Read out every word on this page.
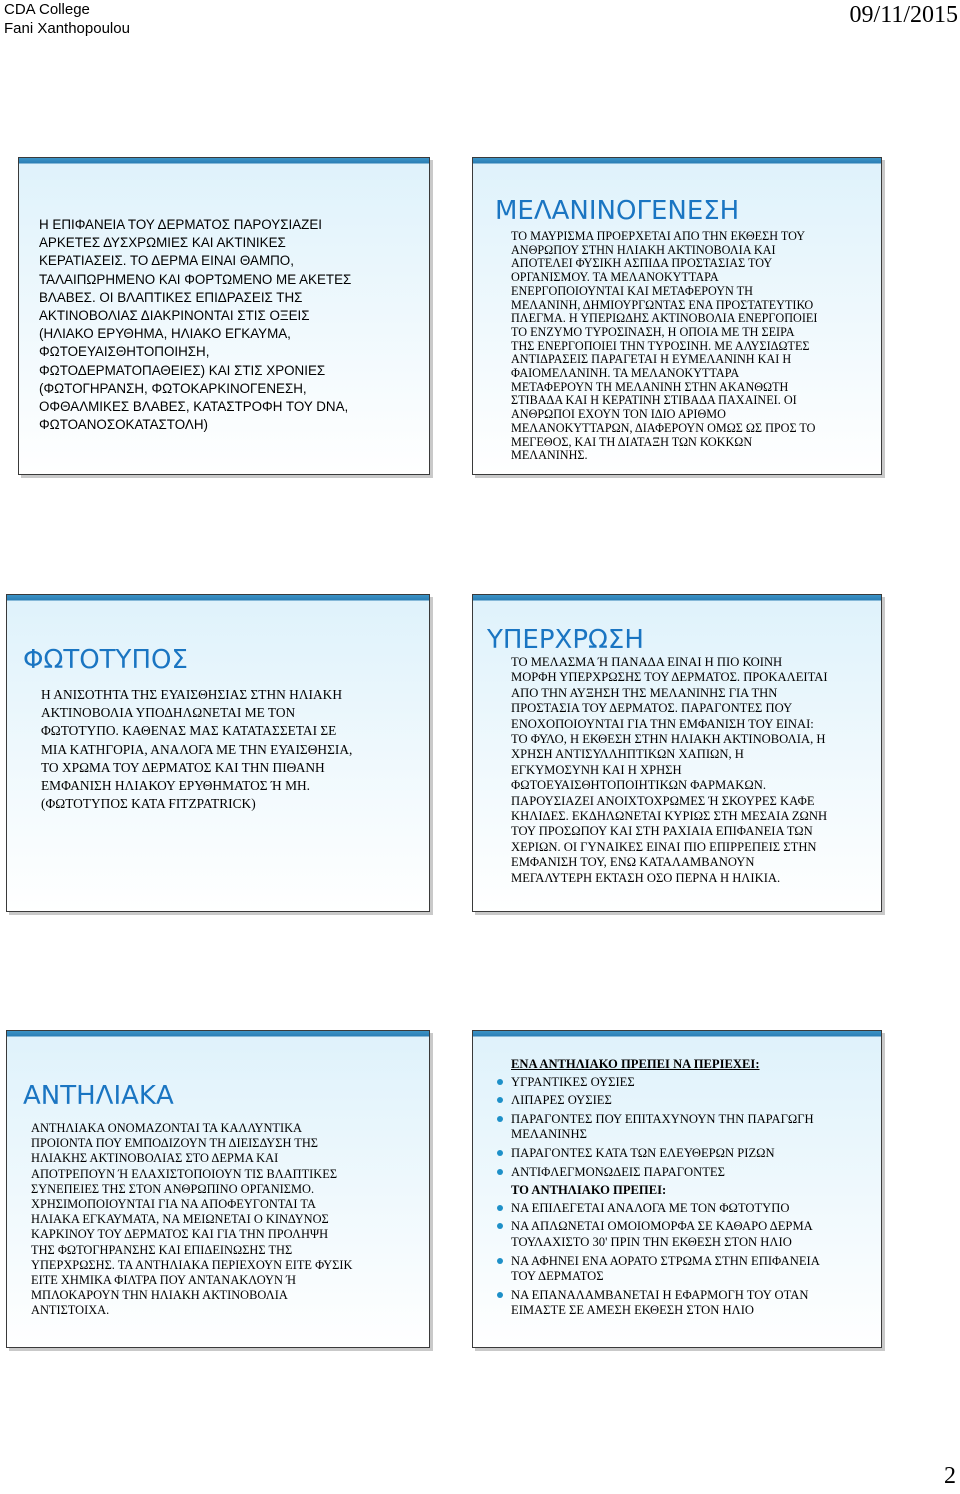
CDA College
Fani Xanthopoulou
09/11/2015
Η ΕΠΙΦΑΝΕΙΑ ΤΟΥ ΔΕΡΜΑΤΟΣ ΠΑΡΟΥΣΙΑΖΕΙ
ΑΡΚΕΤΕΣ ΔΥΣΧΡΩΜΙΕΣ ΚΑΙ ΑΚΤΙΝΙΚΕΣ
ΚΕΡΑΤΙΑΣΕΙΣ. ΤΟ ΔΕΡΜΑ ΕΙΝΑΙ ΘΑΜΠΟ,
ΤΑΛΑΙΠΩΡΗΜΕΝΟ ΚΑΙ ΦΟΡΤΩΜΕΝΟ ΜΕ ΑΚΕΤΕΣ
ΒΛΑΒΕΣ. ΟΙ ΒΛΑΠΤΙΚΕΣ ΕΠΙΔΡΑΣΕΙΣ ΤΗΣ
ΑΚΤΙΝΟΒΟΛΙΑΣ ΔΙΑΚΡΙΝΟΝΤΑΙ ΣΤΙΣ ΟΞΕΙΣ
(ΗΛΙΑΚΟ ΕΡΥΘΗΜΑ, ΗΛΙΑΚΟ ΕΓΚΑΥΜΑ,
ΦΩΤΟΕΥΑΙΣΘΗΤΟΠΟΙΗΣΗ,
ΦΩΤΟΔΕΡΜΑΤΟΠΑΘΕΙΕΣ) ΚΑΙ ΣΤΙΣ ΧΡΟΝΙΕΣ
(ΦΩΤΟΓΗΡΑΝΣΗ, ΦΩΤΟΚΑΡΚΙΝΟΓΕΝΕΣΗ,
ΟΦΘΑΛΜΙΚΕΣ ΒΛΑΒΕΣ, ΚΑΤΑΣΤΡΟΦΗ ΤΟΥ DNA,
ΦΩΤΟΑΝΟΣΟΚΑΤΑΣΤΟΛΗ)
ΜΕΛΑΝΙΝΟΓΕΝΕΣΗ
ΤΟ ΜΑΥΡΙΣΜΑ ΠΡΟΕΡΧΕΤΑΙ ΑΠΟ ΤΗΝ ΕΚΘΕΣΗ ΤΟΥ
ΑΝΘΡΩΠΟΥ ΣΤΗΝ ΗΛΙΑΚΗ ΑΚΤΙΝΟΒΟΛΙΑ ΚΑΙ
ΑΠΟΤΕΛΕΙ ΦΥΣΙΚΗ ΑΣΠΙΔΑ ΠΡΟΣΤΑΣΙΑΣ ΤΟΥ
ΟΡΓΑΝΙΣΜΟΥ. ΤΑ ΜΕΛΑΝΟΚΥΤΤΑΡΑ
ΕΝΕΡΓΟΠΟΙΟΥΝΤΑΙ ΚΑΙ ΜΕΤΑΦΕΡΟΥΝ ΤΗ
ΜΕΛΑΝΙΝΗ, ΔΗΜΙΟΥΡΓΩΝΤΑΣ ΕΝΑ ΠΡΟΣΤΑΤΕΥΤΙΚΟ
ΠΛΕΓΜΑ. Η ΥΠΕΡΙΩΔΗΣ ΑΚΤΙΝΟΒΟΛΙΑ ΕΝΕΡΓΟΠΟΙΕΙ
ΤΟ ΕΝΖΥΜΟ ΤΥΡΟΣΙΝΑΣΗ, Η ΟΠΟΙΑ ΜΕ ΤΗ ΣΕΙΡΑ
ΤΗΣ ΕΝΕΡΓΟΠΟΙΕΙ ΤΗΝ ΤΥΡΟΣΙΝΗ. ΜΕ ΑΛΥΣΙΔΩΤΕΣ
ΑΝΤΙΔΡΑΣΕΙΣ ΠΑΡΑΓΕΤΑΙ Η ΕΥΜΕΛΑΝΙΝΗ ΚΑΙ Η
ΦΑΙΟΜΕΛΑΝΙΝΗ. ΤΑ ΜΕΛΑΝΟΚΥΤΤΑΡΑ
ΜΕΤΑΦΕΡΟΥΝ ΤΗ ΜΕΛΑΝΙΝΗ ΣΤΗΝ ΑΚΑΝΘΩΤΗ
ΣΤΙΒΑΔΑ ΚΑΙ Η ΚΕΡΑΤΙΝΗ ΣΤΙΒΑΔΑ ΠΑΧΑΙΝΕΙ. ΟΙ
ΑΝΘΡΩΠΟΙ ΕΧΟΥΝ ΤΟΝ ΙΔΙΟ ΑΡΙΘΜΟ
ΜΕΛΑΝΟΚΥΤΤΑΡΩΝ, ΔΙΑΦΕΡΟΥΝ ΟΜΩΣ ΩΣ ΠΡΟΣ ΤΟ
ΜΕΓΕΘΟΣ, ΚΑΙ ΤΗ ΔΙΑΤΑΞΗ ΤΩΝ ΚΟΚΚΩΝ
ΜΕΛΑΝΙΝΗΣ.
ΦΩΤΟΤΥΠΟΣ
Η ΑΝΙΣΟΤΗΤΑ ΤΗΣ ΕΥΑΙΣΘΗΣΙΑΣ ΣΤΗΝ ΗΛΙΑΚΗ
ΑΚΤΙΝΟΒΟΛΙΑ ΥΠΟΔΗΛΩΝΕΤΑΙ ΜΕ ΤΟΝ
ΦΩΤΟΤΥΠΟ. ΚΑΘΕΝΑΣ ΜΑΣ ΚΑΤΑΤΑΣΣΕΤΑΙ ΣΕ
ΜΙΑ ΚΑΤΗΓΟΡΙΑ, ΑΝΑΛΟΓΑ ΜΕ ΤΗΝ ΕΥΑΙΣΘΗΣΙΑ,
ΤΟ ΧΡΩΜΑ ΤΟΥ ΔΕΡΜΑΤΟΣ ΚΑΙ ΤΗΝ ΠΙΘΑΝΗ
ΕΜΦΑΝΙΣΗ ΗΛΙΑΚΟΥ ΕΡΥΘΗΜΑΤΟΣ Ή ΜΗ.
(ΦΩΤΟΤΥΠΟΣ ΚΑΤΑ FITZPATRICK)
ΥΠΕΡΧΡΩΣΗ
ΤΟ ΜΕΛΑΣΜΑ Ή ΠΑΝΑΔΑ ΕΙΝΑΙ Η ΠΙΟ ΚΟΙΝΗ
ΜΟΡΦΗ ΥΠΕΡΧΡΩΣΗΣ ΤΟΥ ΔΕΡΜΑΤΟΣ. ΠΡΟΚΑΛΕΙΤΑΙ
ΑΠΟ ΤΗΝ ΑΥΞΗΣΗ ΤΗΣ ΜΕΛΑΝΙΝΗΣ ΓΙΑ ΤΗΝ
ΠΡΟΣΤΑΣΙΑ ΤΟΥ ΔΕΡΜΑΤΟΣ. ΠΑΡΑΓΟΝΤΕΣ ΠΟΥ
ΕΝΟΧΟΠΟΙΟΥΝΤΑΙ ΓΙΑ ΤΗΝ ΕΜΦΑΝΙΣΗ ΤΟΥ ΕΙΝΑΙ:
ΤΟ ΦΥΛΟ, Η ΕΚΘΕΣΗ ΣΤΗΝ ΗΛΙΑΚΗ ΑΚΤΙΝΟΒΟΛΙΑ, Η
ΧΡΗΣΗ ΑΝΤΙΣΥΛΛΗΠΤΙΚΩΝ ΧΑΠΙΩΝ, Η
ΕΓΚΥΜΟΣΥΝΗ ΚΑΙ Η ΧΡΗΣΗ
ΦΩΤΟΕΥΑΙΣΘΗΤΟΠΟΙΗΤΙΚΩΝ ΦΑΡΜΑΚΩΝ.
ΠΑΡΟΥΣΙΑΖΕΙ ΑΝΟΙΧΤΟΧΡΩΜΕΣ Ή ΣΚΟΥΡΕΣ ΚΑΦΕ
ΚΗΛΙΔΕΣ. ΕΚΔΗΛΩΝΕΤΑΙ ΚΥΡΙΩΣ ΣΤΗ ΜΕΣΑΙΑ ΖΩΝΗ
ΤΟΥ ΠΡΟΣΩΠΟΥ ΚΑΙ ΣΤΗ ΡΑΧΙΑΙΑ ΕΠΙΦΑΝΕΙΑ ΤΩΝ
ΧΕΡΙΩΝ. ΟΙ ΓΥΝΑΙΚΕΣ ΕΙΝΑΙ ΠΙΟ ΕΠΙΡΡΕΠΕΙΣ ΣΤΗΝ
ΕΜΦΑΝΙΣΗ ΤΟΥ, ΕΝΩ ΚΑΤΑΛΑΜΒΑΝΟΥΝ
ΜΕΓΑΛΥΤΕΡΗ ΕΚΤΑΣΗ ΟΣΟ ΠΕΡΝΑ Η ΗΛΙΚΙΑ.
ΑΝΤΗΛΙΑΚΑ
ΑΝΤΗΛΙΑΚΑ ΟΝΟΜΑΖΟΝΤΑΙ ΤΑ ΚΑΛΛΥΝΤΙΚΑ
ΠΡΟΙΟΝΤΑ ΠΟΥ ΕΜΠΟΔΙΖΟΥΝ ΤΗ ΔΙΕΙΣΔΥΣΗ ΤΗΣ
ΗΛΙΑΚΗΣ ΑΚΤΙΝΟΒΟΛΙΑΣ ΣΤΟ ΔΕΡΜΑ ΚΑΙ
ΑΠΟΤΡΕΠΟΥΝ Ή ΕΛΑΧΙΣΤΟΠΟΙΟΥΝ ΤΙΣ ΒΛΑΠΤΙΚΕΣ
ΣΥΝΕΠΕΙΕΣ ΤΗΣ ΣΤΟΝ ΑΝΘΡΩΠΙΝΟ ΟΡΓΑΝΙΣΜΟ.
ΧΡΗΣΙΜΟΠΟΙΟΥΝΤΑΙ ΓΙΑ ΝΑ ΑΠΟΦΕΥΓΟΝΤΑΙ ΤΑ
ΗΛΙΑΚΑ ΕΓΚΑΥΜΑΤΑ, ΝΑ ΜΕΙΩΝΕΤΑΙ Ο ΚΙΝΔΥΝΟΣ
ΚΑΡΚΙΝΟΥ ΤΟΥ ΔΕΡΜΑΤΟΣ ΚΑΙ ΓΙΑ ΤΗΝ ΠΡΟΛΗΨΗ
ΤΗΣ ΦΩΤΟΓΗΡΑΝΣΗΣ ΚΑΙ ΕΠΙΔΕΙΝΩΣΗΣ ΤΗΣ
ΥΠΕΡΧΡΩΣΗΣ. ΤΑ ΑΝΤΗΛΙΑΚΑ ΠΕΡΙΕΧΟΥΝ ΕΙΤΕ ΦΥΣΙΚ
ΕΙΤΕ ΧΗΜΙΚΑ ΦΙΛΤΡΑ ΠΟΥ ΑΝΤΑΝΑΚΛΟΥΝ Ή
ΜΠΛΟΚΑΡΟΥΝ ΤΗΝ ΗΛΙΑΚΗ ΑΚΤΙΝΟΒΟΛΙΑ
ΑΝΤΙΣΤΟΙΧΑ.
ΕΝΑ ΑΝΤΗΛΙΑΚΟ ΠΡΕΠΕΙ ΝΑ ΠΕΡΙΕΧΕΙ:
ΥΓΡΑΝΤΙΚΕΣ ΟΥΣΙΕΣ
ΛΙΠΑΡΕΣ ΟΥΣΙΕΣ
ΠΑΡΑΓΟΝΤΕΣ ΠΟΥ ΕΠΙΤΑΧΥΝΟΥΝ ΤΗΝ ΠΑΡΑΓΩΓΗ
ΜΕΛΑΝΙΝΗΣ
ΠΑΡΑΓΟΝΤΕΣ ΚΑΤΑ ΤΩΝ ΕΛΕΥΘΕΡΩΝ ΡΙΖΩΝ
ΑΝΤΙΦΛΕΓΜΟΝΩΔΕΙΣ ΠΑΡΑΓΟΝΤΕΣ
ΤΟ ΑΝΤΗΛΙΑΚΟ ΠΡΕΠΕΙ:
ΝΑ ΕΠΙΛΕΓΕΤΑΙ ΑΝΑΛΟΓΑ ΜΕ ΤΟΝ ΦΩΤΟΤΥΠΟ
ΝΑ ΑΠΛΩΝΕΤΑΙ ΟΜΟΙΟΜΟΡΦΑ ΣΕ ΚΑΘΑΡΟ ΔΕΡΜΑ
ΤΟΥΛΑΧΙΣΤΟ 30' ΠΡΙΝ ΤΗΝ ΕΚΘΕΣΗ ΣΤΟΝ ΗΛΙΟ
ΝΑ ΑΦΗΝΕΙ ΕΝΑ ΑΟΡΑΤΟ ΣΤΡΩΜΑ ΣΤΗΝ ΕΠΙΦΑΝΕΙΑ
ΤΟΥ ΔΕΡΜΑΤΟΣ
ΝΑ ΕΠΑΝΑΛΑΜΒΑΝΕΤΑΙ Η ΕΦΑΡΜΟΓΗ ΤΟΥ ΟΤΑΝ
ΕΙΜΑΣΤΕ ΣΕ ΑΜΕΣΗ ΕΚΘΕΣΗ ΣΤΟΝ ΗΛΙΟ
2
